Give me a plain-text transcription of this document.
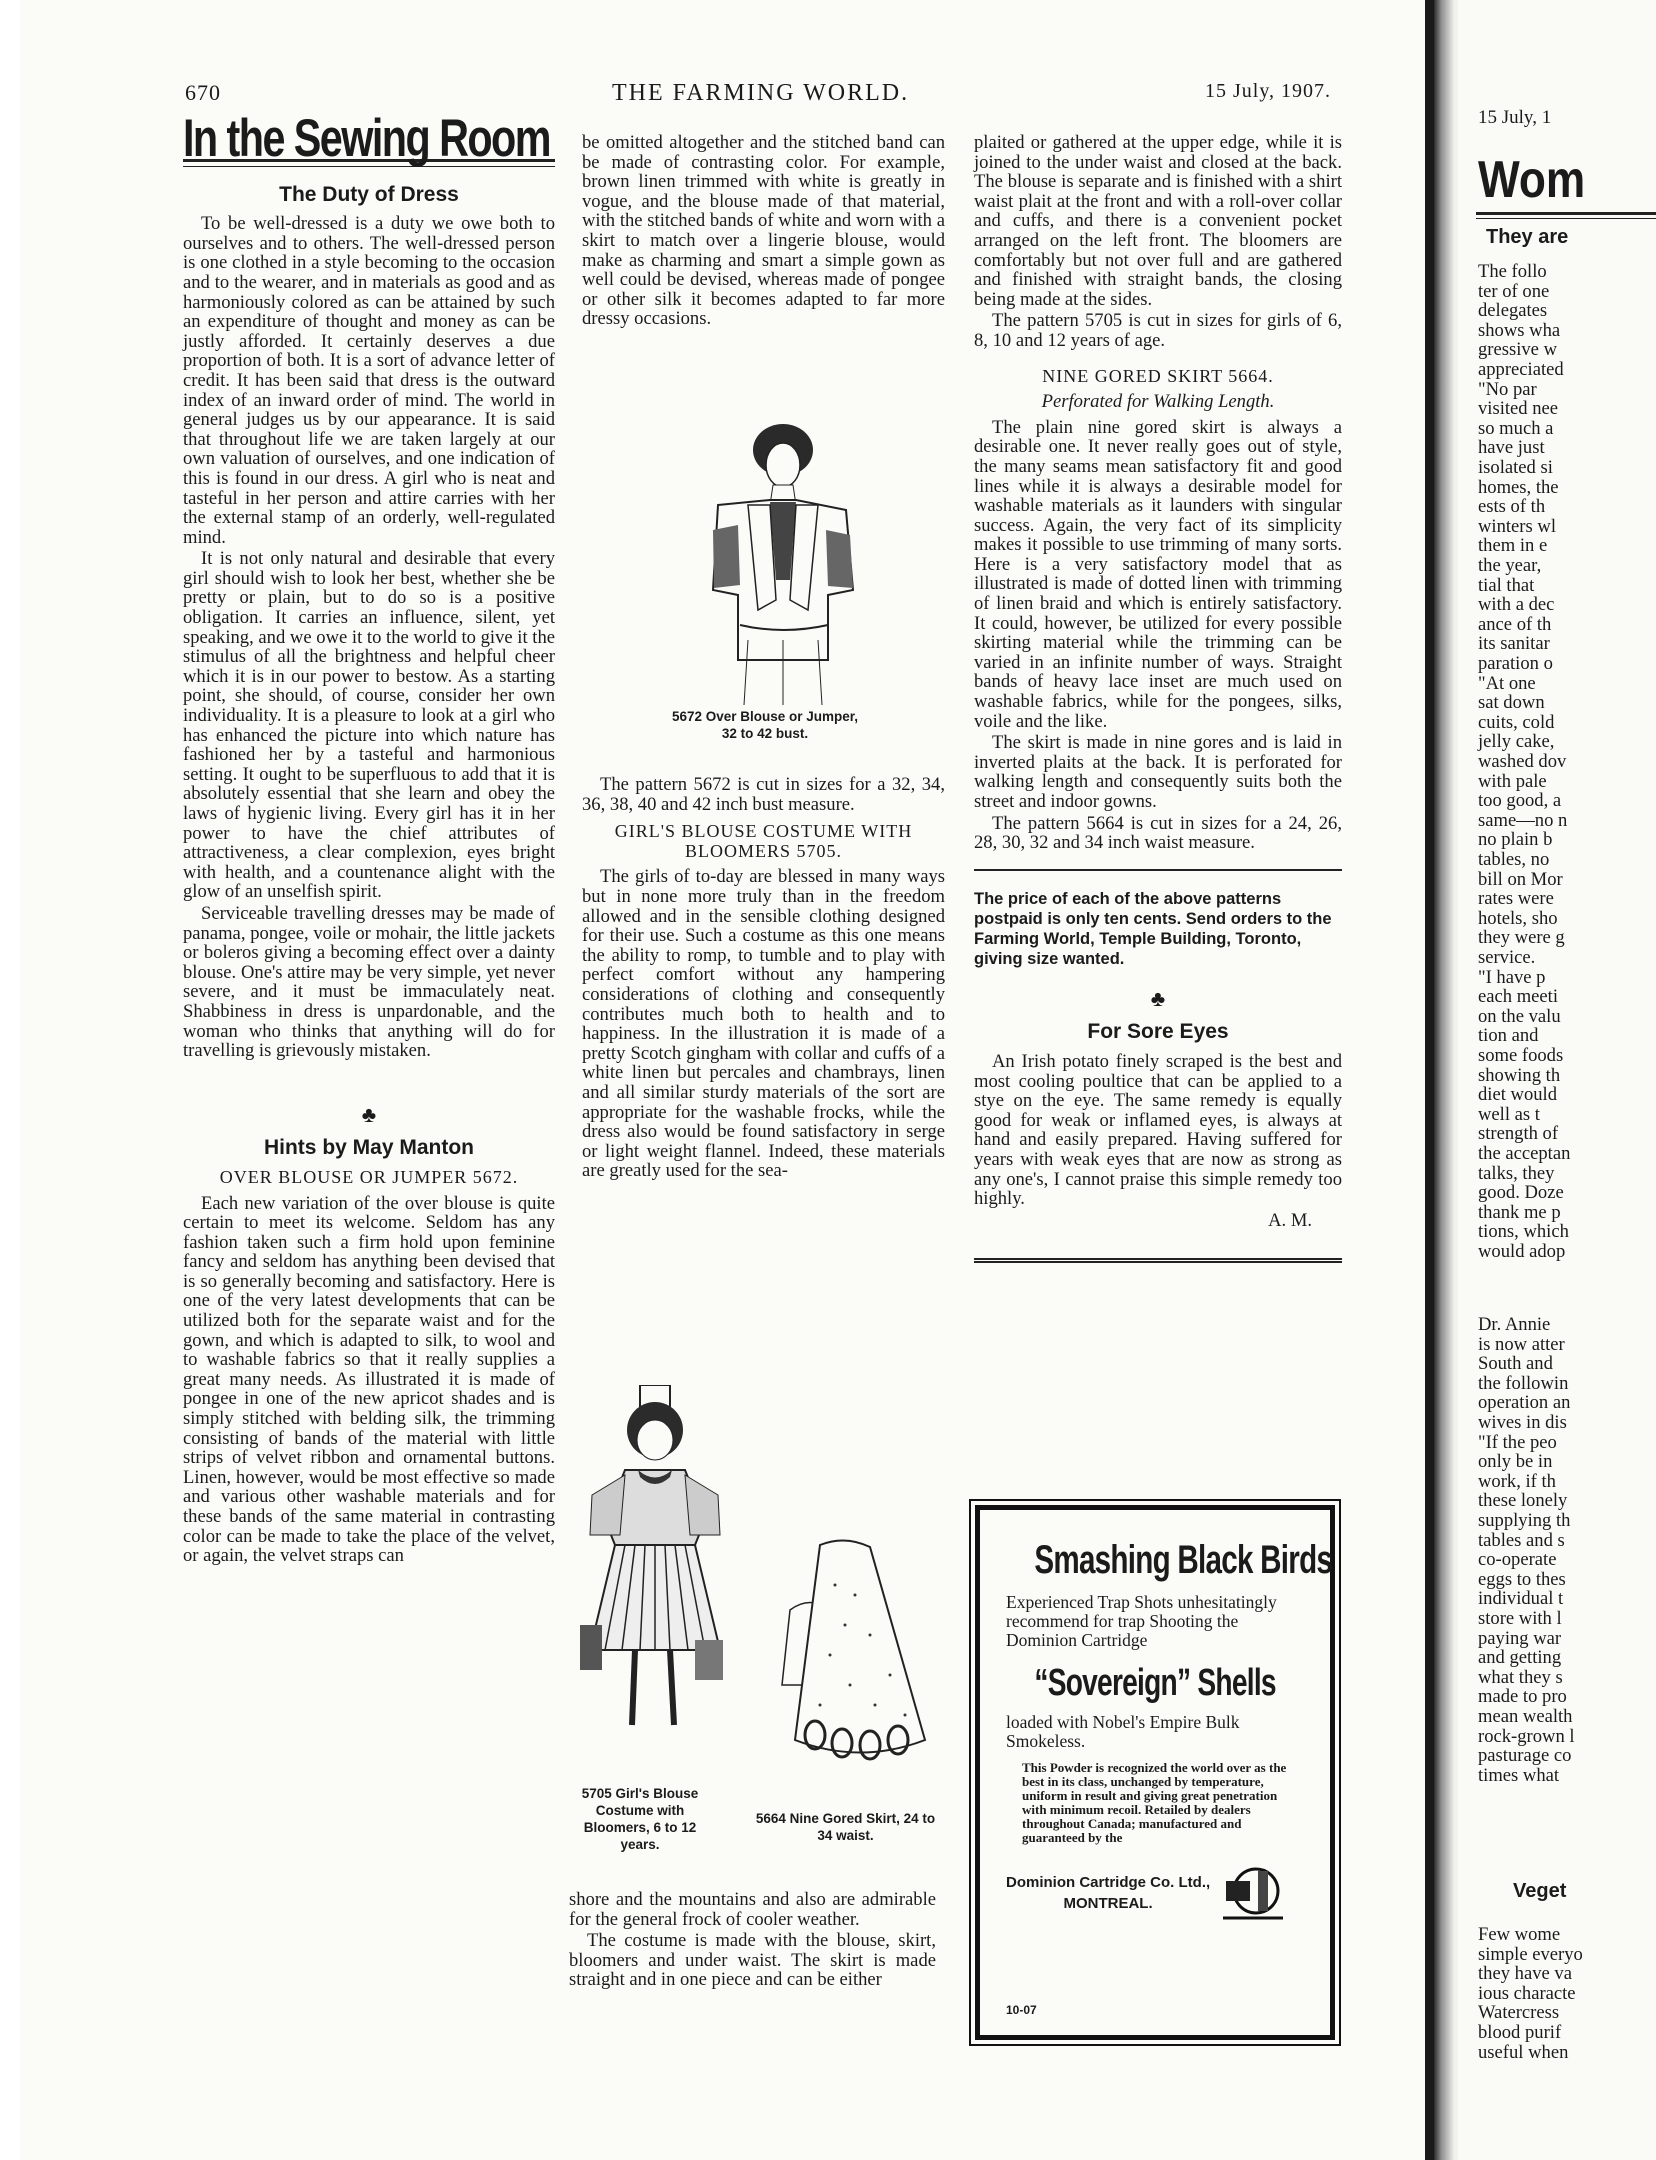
670	THE FARMING WORLD.	15 July, 1907.
In the Sewing Room
The Duty of Dress

To be well-dressed is a duty we owe both to ourselves and to others. The well-dressed person is one clothed in a style becoming to the occasion and to the wearer, and in materials as good and as harmoniously colored as can be attained by such an expenditure of thought and money as can be justly afforded. It certainly deserves a due proportion of both. It is a sort of advance letter of credit. It has been said that dress is the outward index of an inward order of mind. The world in general judges us by our appearance. It is said that throughout life we are taken largely at our own valuation of ourselves, and one indication of this is found in our dress. A girl who is neat and tasteful in her person and attire carries with her the external stamp of an orderly, well-regulated mind.

It is not only natural and desirable that every girl should wish to look her best, whether she be pretty or plain, but to do so is a positive obligation. It carries an influence, silent, yet speaking, and we owe it to the world to give it the stimulus of all the brightness and helpful cheer which it is in our power to bestow. As a starting point, she should, of course, consider her own individuality. It is a pleasure to look at a girl who has enhanced the picture into which nature has fashioned her by a tasteful and harmonious setting. It ought to be superfluous to add that it is absolutely essential that she learn and obey the laws of hygienic living. Every girl has it in her power to have the chief attributes of attractiveness, a clear complexion, eyes bright with health, and a countenance alight with the glow of an unselfish spirit.

Serviceable travelling dresses may be made of panama, pongee, voile or mohair, the little jackets or boleros giving a becoming effect over a dainty blouse. One's attire may be very simple, yet never severe, and it must be immaculately neat. Shabbiness in dress is unpardonable, and the woman who thinks that anything will do for travelling is grievously mistaken.

♣
Hints by May Manton
OVER BLOUSE OR JUMPER 5672.

Each new variation of the over blouse is quite certain to meet its welcome. Seldom has any fashion taken such a firm hold upon feminine fancy and seldom has anything been devised that is so generally becoming and satisfactory. Here is one of the very latest developments that can be utilized both for the separate waist and for the gown, and which is adapted to silk, to wool and to washable fabrics so that it really supplies a great many needs. As illustrated it is made of pongee in one of the new apricot shades and is simply stitched with belding silk, the trimming consisting of bands of the material with little strips of velvet ribbon and ornamental buttons. Linen, however, would be most effective so made and various other washable materials and for these bands of the same material in contrasting color can be made to take the place of the velvet, or again, the velvet straps can

be omitted altogether and the stitched band can be made of contrasting color. For example, brown linen trimmed with white is greatly in vogue, and the blouse made of that material, with the stitched bands of white and worn with a skirt to match over a lingerie blouse, would make as charming and smart a simple gown as well could be devised, whereas made of pongee or other silk it becomes adapted to far more dressy occasions.

5672 Over Blouse or Jumper, 32 to 42 bust.

The pattern 5672 is cut in sizes for a 32, 34, 36, 38, 40 and 42 inch bust measure.

GIRL'S BLOUSE COSTUME WITH BLOOMERS 5705.

The girls of to-day are blessed in many ways but in none more truly than in the freedom allowed and in the sensible clothing designed for their use. Such a costume as this one means the ability to romp, to tumble and to play with perfect comfort without any hampering considerations of clothing and consequently contributes much both to health and to happiness. In the illustration it is made of a pretty Scotch gingham with collar and cuffs of a white linen but percales and chambrays, linen and all similar sturdy materials of the sort are appropriate for the washable frocks, while the dress also would be found satisfactory in serge or light weight flannel. Indeed, these materials are greatly used for the sea-

5705 Girl's Blouse Costume with Bloomers, 6 to 12 years.
5664 Nine Gored Skirt, 24 to 34 waist.

shore and the mountains and also are admirable for the general frock of cooler weather.

The costume is made with the blouse, skirt, bloomers and under waist. The skirt is made straight and in one piece and can be either

plaited or gathered at the upper edge, while it is joined to the under waist and closed at the back. The blouse is separate and is finished with a shirt waist plait at the front and with a roll-over collar and cuffs, and there is a convenient pocket arranged on the left front. The bloomers are comfortably but not over full and are gathered and finished with straight bands, the closing being made at the sides.

The pattern 5705 is cut in sizes for girls of 6, 8, 10 and 12 years of age.

NINE GORED SKIRT 5664.
Perforated for Walking Length.

The plain nine gored skirt is always a desirable one. It never really goes out of style, the many seams mean satisfactory fit and good lines while it is always a desirable model for washable materials as it launders with singular success. Again, the very fact of its simplicity makes it possible to use trimming of many sorts. Here is a very satisfactory model that as illustrated is made of dotted linen with trimming of linen braid and which is entirely satisfactory. It could, however, be utilized for every possible skirting material while the trimming can be varied in an infinite number of ways. Straight bands of heavy lace inset are much used on washable fabrics, while for the pongees, silks, voile and the like.

The skirt is made in nine gores and is laid in inverted plaits at the back. It is perforated for walking length and consequently suits both the street and indoor gowns.

The pattern 5664 is cut in sizes for a 24, 26, 28, 30, 32 and 34 inch waist measure.

The price of each of the above patterns postpaid is only ten cents. Send orders to the Farming World, Temple Building, Toronto, giving size wanted.
♣
For Sore Eyes

An Irish potato finely scraped is the best and most cooling poultice that can be applied to a stye on the eye. The same remedy is equally good for weak or inflamed eyes, is always at hand and easily prepared. Having suffered for years with weak eyes that are now as strong as any one's, I cannot praise this simple remedy too highly.

A. M.
Smashing Black Birds
Experienced Trap Shots unhesitatingly recommend for trap Shooting the Dominion Cartridge
“Sovereign” Shells
loaded with Nobel's Empire Bulk Smokeless.
This Powder is recognized the world over as the best in its class, unchanged by temperature, uniform in result and giving great penetration with minimum recoil. Retailed by dealers throughout Canada; manufactured and guaranteed by the
Dominion Cartridge Co. Ltd.,
MONTREAL.
10-07
15 July, 1
Wom
They are
The follo
ter of one
delegates
shows wha
gressive w
appreciated
"No par
visited nee
so much a
have just
isolated si
homes, the
ests of th
winters wl
them in e
the year,
tial that
with a dec
ance of th
its sanitar
paration o
"At one
sat down
cuits, cold
jelly cake,
washed dov
with pale
too good, a
same—no n
no plain b
tables, no
bill on Mor
rates were
hotels, sho
they were g
service.
"I have p
each meeti
on the valu
tion and
some foods
showing th
diet would
well as t
strength of
the acceptan
talks, they
good. Doze
thank me p
tions, which
would adop
Dr. Annie
is now atter
South and
the followin
operation an
wives in dis
"If the peo
only be in
work, if th
these lonely
supplying th
tables and s
co-operate
eggs to thes
individual t
store with l
paying war
and getting
what they s
made to pro
mean wealth
rock-grown l
pasturage co
times what
Veget
Few wome
simple everyo
they have va
ious characte
Watercress
blood purif
useful when
